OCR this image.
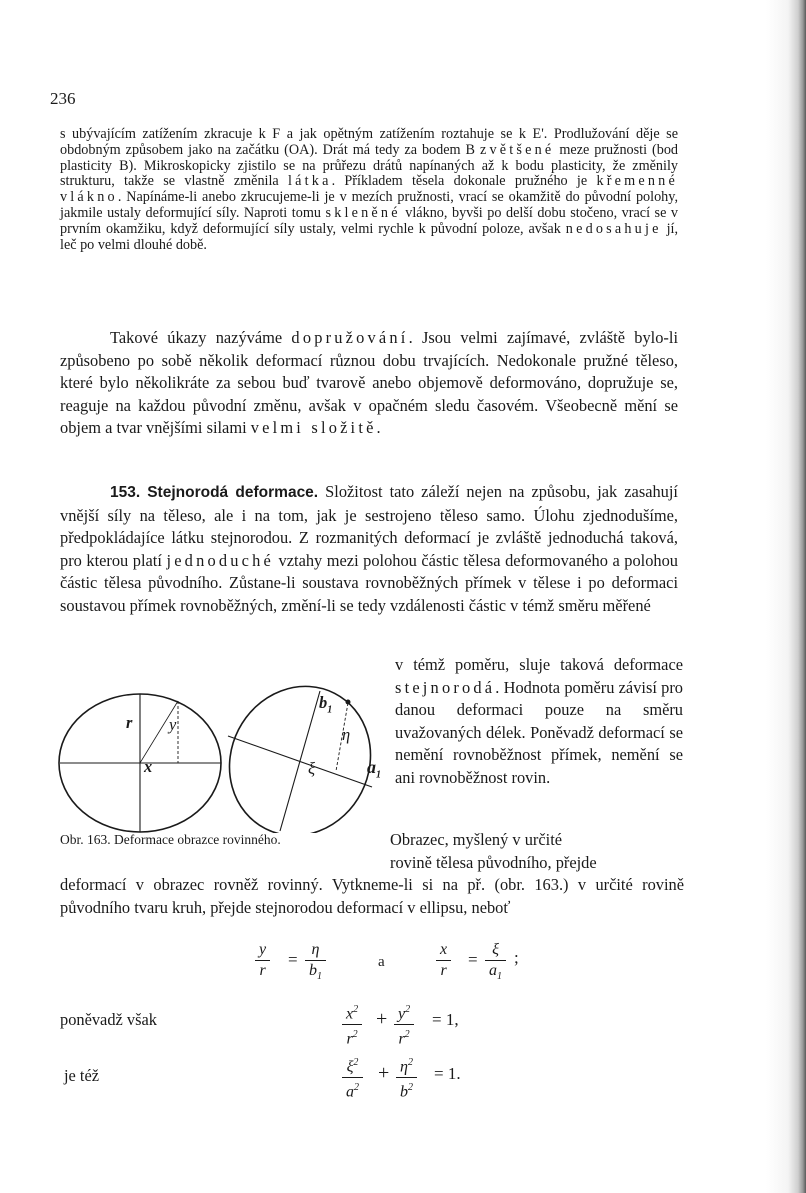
236

s ubývajícím zatížením zkracuje k F a jak opětným zatížením roztahuje se k E'. Prodlužování děje se obdobným způsobem jako na začátku (OA). Drát má tedy za bodem B zvětšené meze pružnosti (bod plasticity B). Mikroskopicky zjistilo se na průřezu drátů napínaných až k bodu plasticity, že změnily strukturu, takže se vlastně změnila látka. Příkladem těsela dokonale pružného je křemenné vlákno. Napínáme-li anebo zkrucujeme-li je v mezích pružnosti, vrací se okamžitě do původní polohy, jakmile ustaly deformující síly. Naproti tomu skleněné vlákno, byvši po delší dobu stočeno, vrací se v prvním okamžiku, když deformující síly ustaly, velmi rychle k původní poloze, avšak nedosahuje jí, leč po velmi dlouhé době.

Takové úkazy nazýváme dopružování. Jsou velmi zajímavé, zvláště bylo-li způsobeno po sobě několik deformací různou dobu trvajících. Nedokonale pružné těleso, které bylo několikráte za sebou buď tvarově anebo objemově deformováno, dopružuje se, reaguje na každou původní změnu, avšak v opačném sledu časovém. Všeobecně mění se objem a tvar vnějšími silami velmi složitě.

153. Stejnorodá deformace. Složitost tato záleží nejen na způsobu, jak zasahují vnější síly na těleso, ale i na tom, jak je sestrojeno těleso samo. Úlohu zjednodušíme, předpokládajíce látku stejnorodou. Z rozmanitých deformací je zvláště jednoduchá taková, pro kterou platí jednoduché vztahy mezi polohou částic tělesa deformovaného a polohou částic tělesa původního. Zůstane-li soustava rovnoběžných přímek v tělese i po deformaci soustavou přímek rovnoběžných, změní-li se tedy vzdálenosti částic v témž směru měřené

r y
x
$b_1$
η
ξ	$a_1$
v témž poměru, sluje taková deformace stejnorodá. Hodnota poměru závisí pro danou deformaci pouze na směru uvažovaných délek. Poněvadž deformací se nemění rovnoběžnost přímek, nemění se ani rovnoběžnost rovin.
Obr. 163. Deformace obrazce rovinného.	Obrazec, myšlený v určité
rovině tělesa původního, přejde
deformací v obrazec rovněž rovinný. Vytkneme-li si na př. (obr. 163.) v určité rovině původního tvaru kruh, přejde stejnorodou deformací v ellipsu, neboť
$\frac{y}{r} = \frac{\eta}{b_1}$	a	$\frac{x}{r} = \frac{\xi}{a_1}$ ;
poněvadž však	$\frac{x^2}{r^2} + \frac{y^2}{r^2} = 1$,
je též	$\frac{\xi^2}{a^2} + \frac{\eta^2}{b^2} = 1$.
